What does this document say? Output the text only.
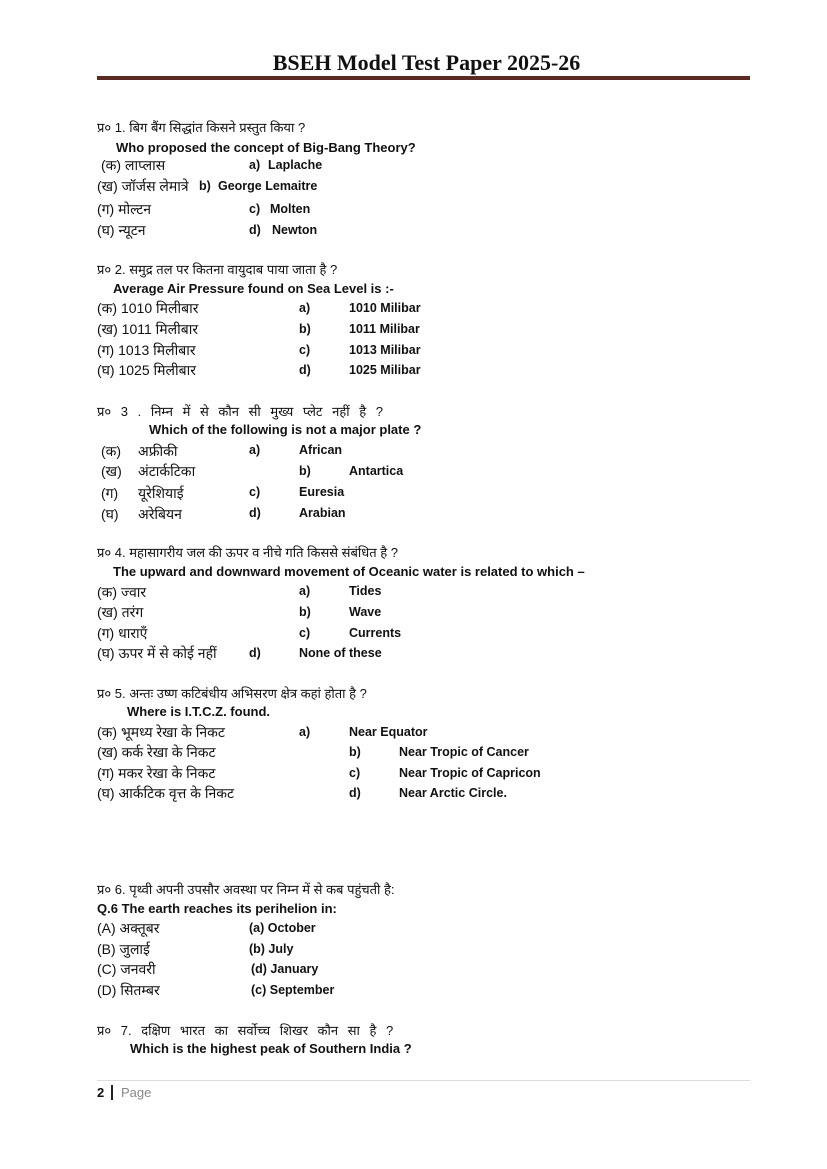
BSEH Model Test Paper 2025-26
प्र० 1. बिग बैंग सिद्धांत किसने प्रस्तुत किया ?
Who proposed the concept of Big-Bang Theory?
(क) लाप्लास	a) Laplache
(ख) जॉर्जस लेमात्रे b) George Lemaitre
(ग) मोल्टन	c) Molten
(घ) न्यूटन	d) Newton
प्र० 2. समुद्र तल पर कितना वायुदाब पाया जाता है ?
Average Air Pressure found on Sea Level is :-
(क) 1010 मिलीबार	a)	1010 Milibar
(ख) 1011 मिलीबार	b)	1011 Milibar
(ग) 1013 मिलीबार	c)	1013 Milibar
(घ) 1025 मिलीबार	d)	1025 Milibar
प्र० 3 . निम्न में से कौन सी मुख्य प्लेट नहीं है ?
Which of the following is not a major plate ?
(क) अफ्रीकी	a)	African
(ख) अंटार्कटिका	b)	Antartica
(ग) यूरेशियाई	c)	Euresia
(घ) अरेबियन	d)	Arabian
प्र० 4. महासागरीय जल की ऊपर व नीचे गति किससे संबंधित है ?
The upward and downward movement of Oceanic water is related to which –
(क) ज्वार	a)	Tides
(ख) तरंग	b)	Wave
(ग) धाराएँ	c)	Currents
(घ) ऊपर में से कोई नहीं	d)	None of these
प्र० 5. अन्तः उष्ण कटिबंधीय अभिसरण क्षेत्र कहां होता है ?
Where is I.T.C.Z. found.
(क) भूमध्य रेखा के निकट	a)	Near Equator
(ख) कर्क रेखा के निकट	b)	Near Tropic of Cancer
(ग) मकर रेखा के निकट	c)	Near Tropic of Capricon
(घ) आर्कटिक वृत्त के निकट	d)	Near Arctic Circle.
प्र० 6. पृथ्वी अपनी उपसौर अवस्था पर निम्न में से कब पहुंचती है:
Q.6 The earth reaches its perihelion in:
(A) अक्तूबर	(a) October
(B) जुलाई	(b) July
(C) जनवरी	(d) January
(D) सितम्बर	(c) September
प्र० 7. दक्षिण भारत का सर्वोच्च शिखर कौन सा है ?
Which is the highest peak of Southern India ?
2 Page
